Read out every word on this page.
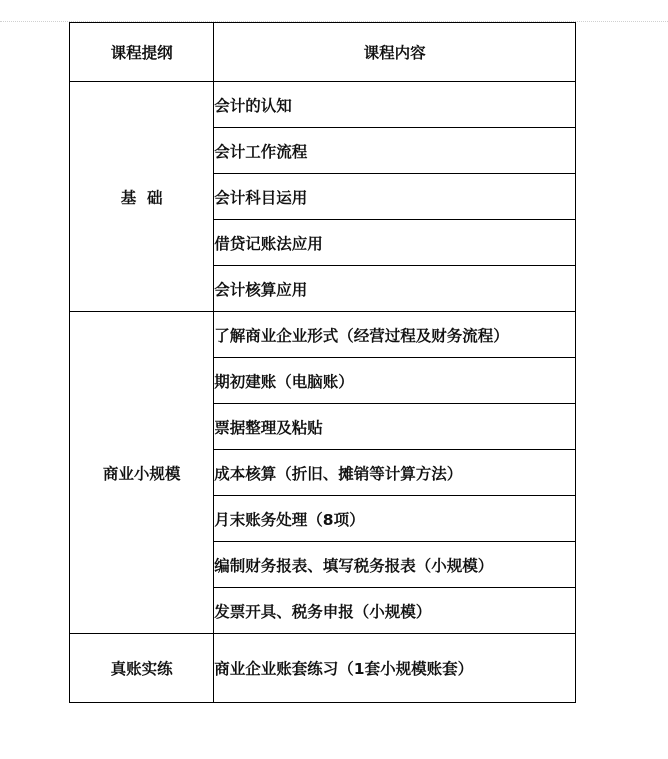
课程提纲	课程内容
基  础	会计的认知
	会计工作流程
	会计科目运用
	借贷记账法应用
	会计核算应用
商业小规模	了解商业企业形式（经营过程及财务流程）
	期初建账（电脑账）
	票据整理及粘贴
	成本核算（折旧、摊销等计算方法）
	月末账务处理（8项）
	编制财务报表、填写税务报表（小规模）
	发票开具、税务申报（小规模）
真账实练	商业企业账套练习（1套小规模账套）
